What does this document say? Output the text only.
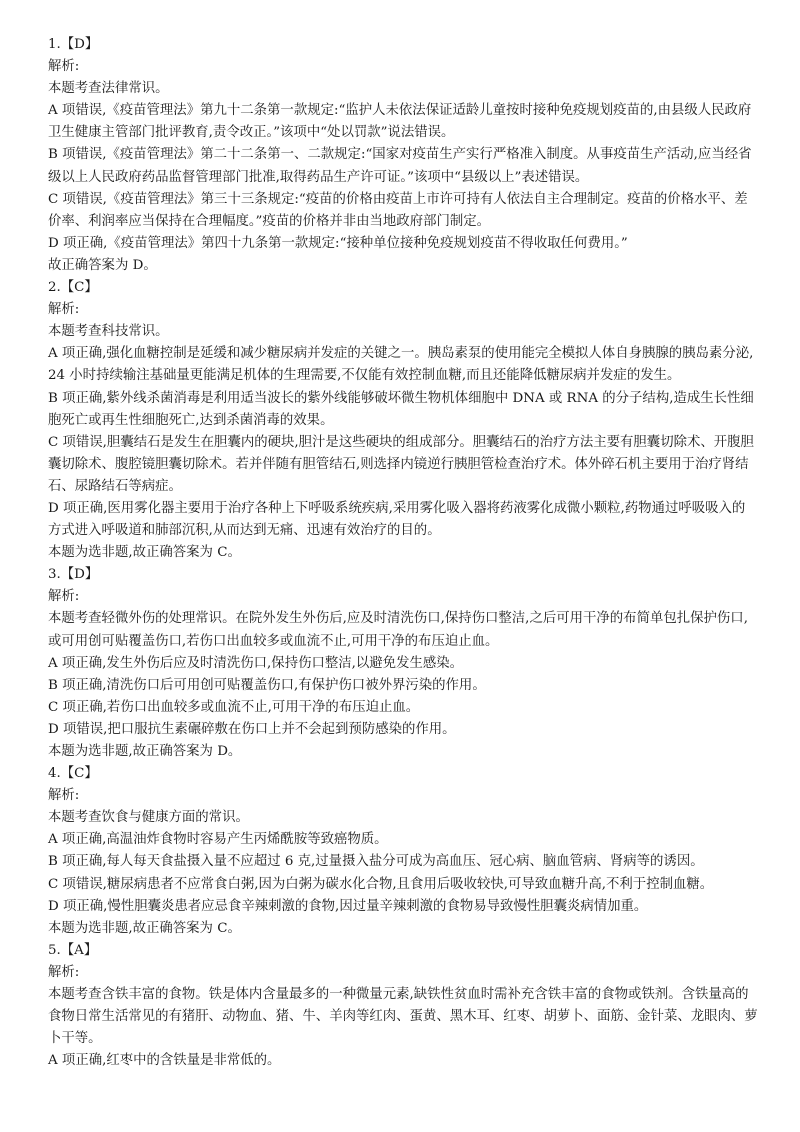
1.【D】
解析:
本题考查法律常识。
A 项错误,《疫苗管理法》第九十二条第一款规定:“监护人未依法保证适龄儿童按时接种免疫规划疫苗的,由县级人民政府卫生健康主管部门批评教育,责令改正。”该项中“处以罚款”说法错误。
B 项错误,《疫苗管理法》第二十二条第一、二款规定:“国家对疫苗生产实行严格准入制度。从事疫苗生产活动,应当经省级以上人民政府药品监督管理部门批准,取得药品生产许可证。”该项中“县级以上”表述错误。
C 项错误,《疫苗管理法》第三十三条规定:“疫苗的价格由疫苗上市许可持有人依法自主合理制定。疫苗的价格水平、差价率、利润率应当保持在合理幅度。”疫苗的价格并非由当地政府部门制定。
D 项正确,《疫苗管理法》第四十九条第一款规定:“接种单位接种免疫规划疫苗不得收取任何费用。”
故正确答案为 D。
2.【C】
解析:
本题考查科技常识。
A 项正确,强化血糖控制是延缓和减少糖尿病并发症的关键之一。胰岛素泵的使用能完全模拟人体自身胰腺的胰岛素分泌,24 小时持续输注基础量更能满足机体的生理需要,不仅能有效控制血糖,而且还能降低糖尿病并发症的发生。
B 项正确,紫外线杀菌消毒是利用适当波长的紫外线能够破坏微生物机体细胞中 DNA 或 RNA 的分子结构,造成生长性细胞死亡或再生性细胞死亡,达到杀菌消毒的效果。
C 项错误,胆囊结石是发生在胆囊内的硬块,胆汁是这些硬块的组成部分。胆囊结石的治疗方法主要有胆囊切除术、开腹胆囊切除术、腹腔镜胆囊切除术。若并伴随有胆管结石,则选择内镜逆行胰胆管检查治疗术。体外碎石机主要用于治疗肾结石、尿路结石等病症。
D 项正确,医用雾化器主要用于治疗各种上下呼吸系统疾病,采用雾化吸入器将药液雾化成微小颗粒,药物通过呼吸吸入的方式进入呼吸道和肺部沉积,从而达到无痛、迅速有效治疗的目的。
本题为选非题,故正确答案为 C。
3.【D】
解析:
本题考查轻微外伤的处理常识。在院外发生外伤后,应及时清洗伤口,保持伤口整洁,之后可用干净的布简单包扎保护伤口,或可用创可贴覆盖伤口,若伤口出血较多或血流不止,可用干净的布压迫止血。
A 项正确,发生外伤后应及时清洗伤口,保持伤口整洁,以避免发生感染。
B 项正确,清洗伤口后可用创可贴覆盖伤口,有保护伤口被外界污染的作用。
C 项正确,若伤口出血较多或血流不止,可用干净的布压迫止血。
D 项错误,把口服抗生素碾碎敷在伤口上并不会起到预防感染的作用。
本题为选非题,故正确答案为 D。
4.【C】
解析:
本题考查饮食与健康方面的常识。
A 项正确,高温油炸食物时容易产生丙烯酰胺等致癌物质。
B 项正确,每人每天食盐摄入量不应超过 6 克,过量摄入盐分可成为高血压、冠心病、脑血管病、肾病等的诱因。
C 项错误,糖尿病患者不应常食白粥,因为白粥为碳水化合物,且食用后吸收较快,可导致血糖升高,不利于控制血糖。
D 项正确,慢性胆囊炎患者应忌食辛辣刺激的食物,因过量辛辣刺激的食物易导致慢性胆囊炎病情加重。
本题为选非题,故正确答案为 C。
5.【A】
解析:
本题考查含铁丰富的食物。铁是体内含量最多的一种微量元素,缺铁性贫血时需补充含铁丰富的食物或铁剂。含铁量高的食物日常生活常见的有猪肝、动物血、猪、牛、羊肉等红肉、蛋黄、黑木耳、红枣、胡萝卜、面筋、金针菜、龙眼肉、萝卜干等。
A 项正确,红枣中的含铁量是非常低的。
